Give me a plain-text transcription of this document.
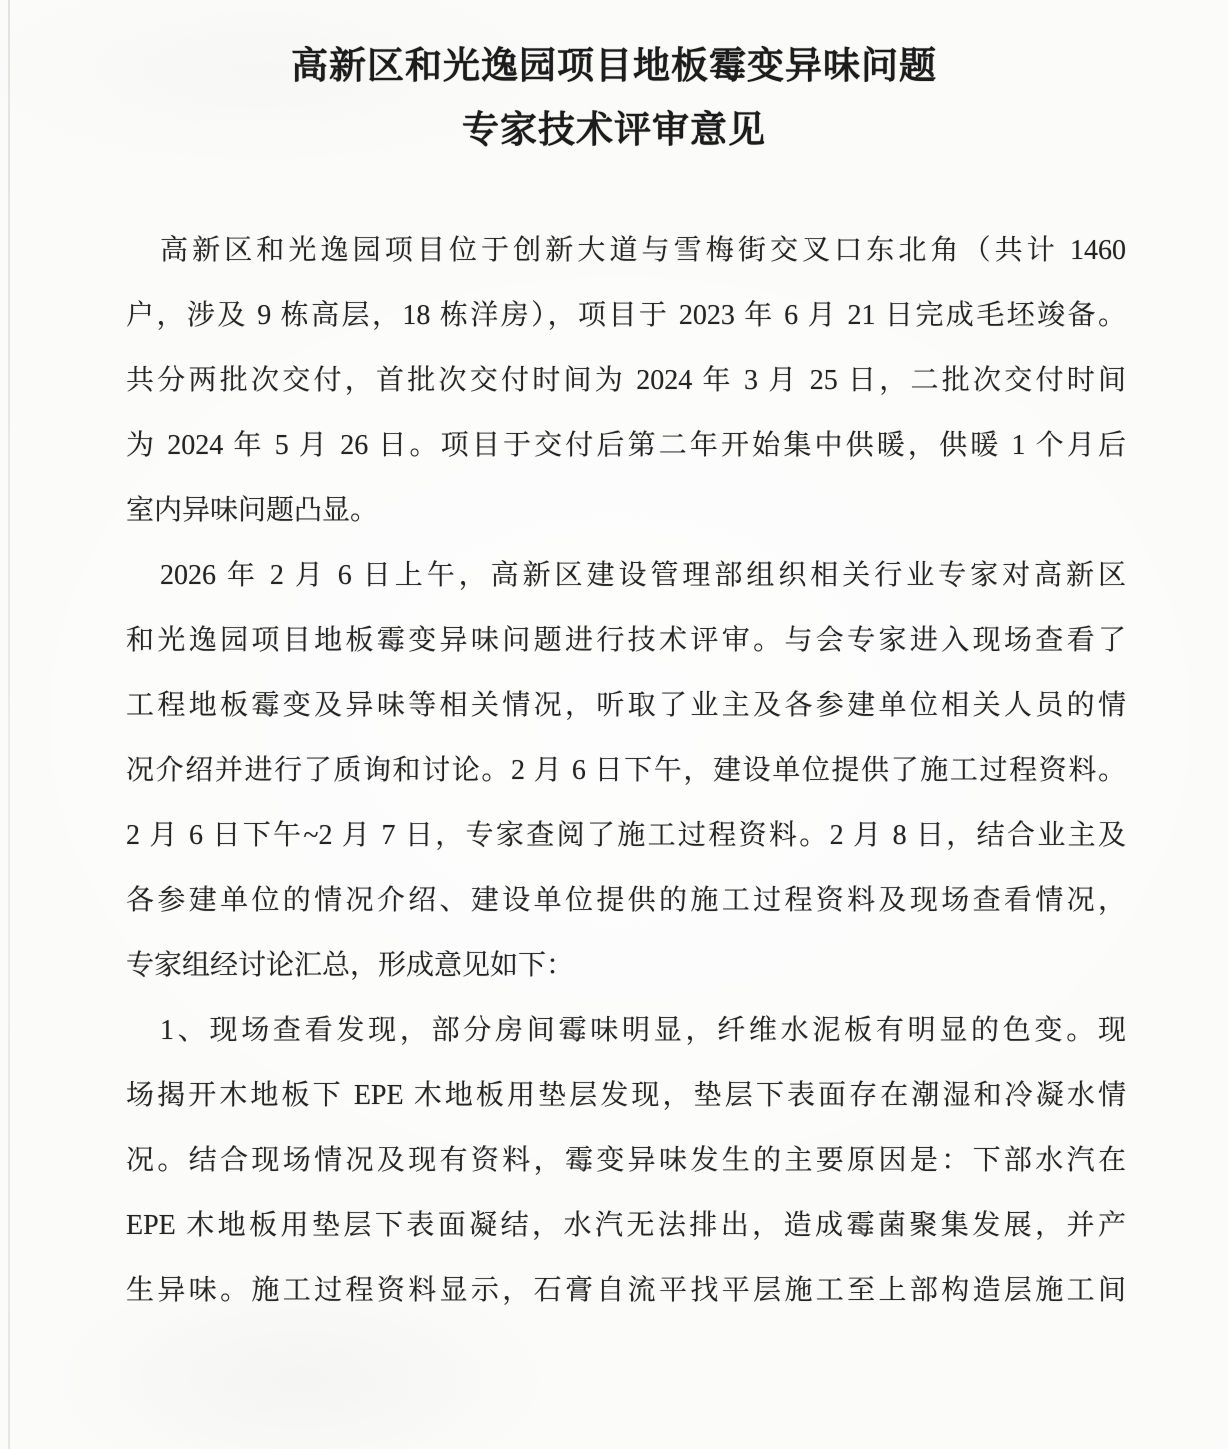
高新区和光逸园项目地板霉变异味问题
专家技术评审意见
高新区和光逸园项目位于创新大道与雪梅街交叉口东北角（共计 1460
户，涉及 9 栋高层，18 栋洋房），项目于 2023 年 6 月 21 日完成毛坯竣备。
共分两批次交付，首批次交付时间为 2024 年 3 月 25 日，二批次交付时间
为 2024 年 5 月 26 日。项目于交付后第二年开始集中供暖，供暖 1 个月后
室内异味问题凸显。
2026 年 2 月 6 日上午，高新区建设管理部组织相关行业专家对高新区
和光逸园项目地板霉变异味问题进行技术评审。与会专家进入现场查看了
工程地板霉变及异味等相关情况，听取了业主及各参建单位相关人员的情
况介绍并进行了质询和讨论。2 月 6 日下午，建设单位提供了施工过程资料。
2 月 6 日下午~2 月 7 日，专家查阅了施工过程资料。2 月 8 日，结合业主及
各参建单位的情况介绍、建设单位提供的施工过程资料及现场查看情况，
专家组经讨论汇总，形成意见如下：
1、现场查看发现，部分房间霉味明显，纤维水泥板有明显的色变。现
场揭开木地板下 EPE 木地板用垫层发现，垫层下表面存在潮湿和冷凝水情
况。结合现场情况及现有资料，霉变异味发生的主要原因是：下部水汽在
EPE 木地板用垫层下表面凝结，水汽无法排出，造成霉菌聚集发展，并产
生异味。施工过程资料显示，石膏自流平找平层施工至上部构造层施工间
